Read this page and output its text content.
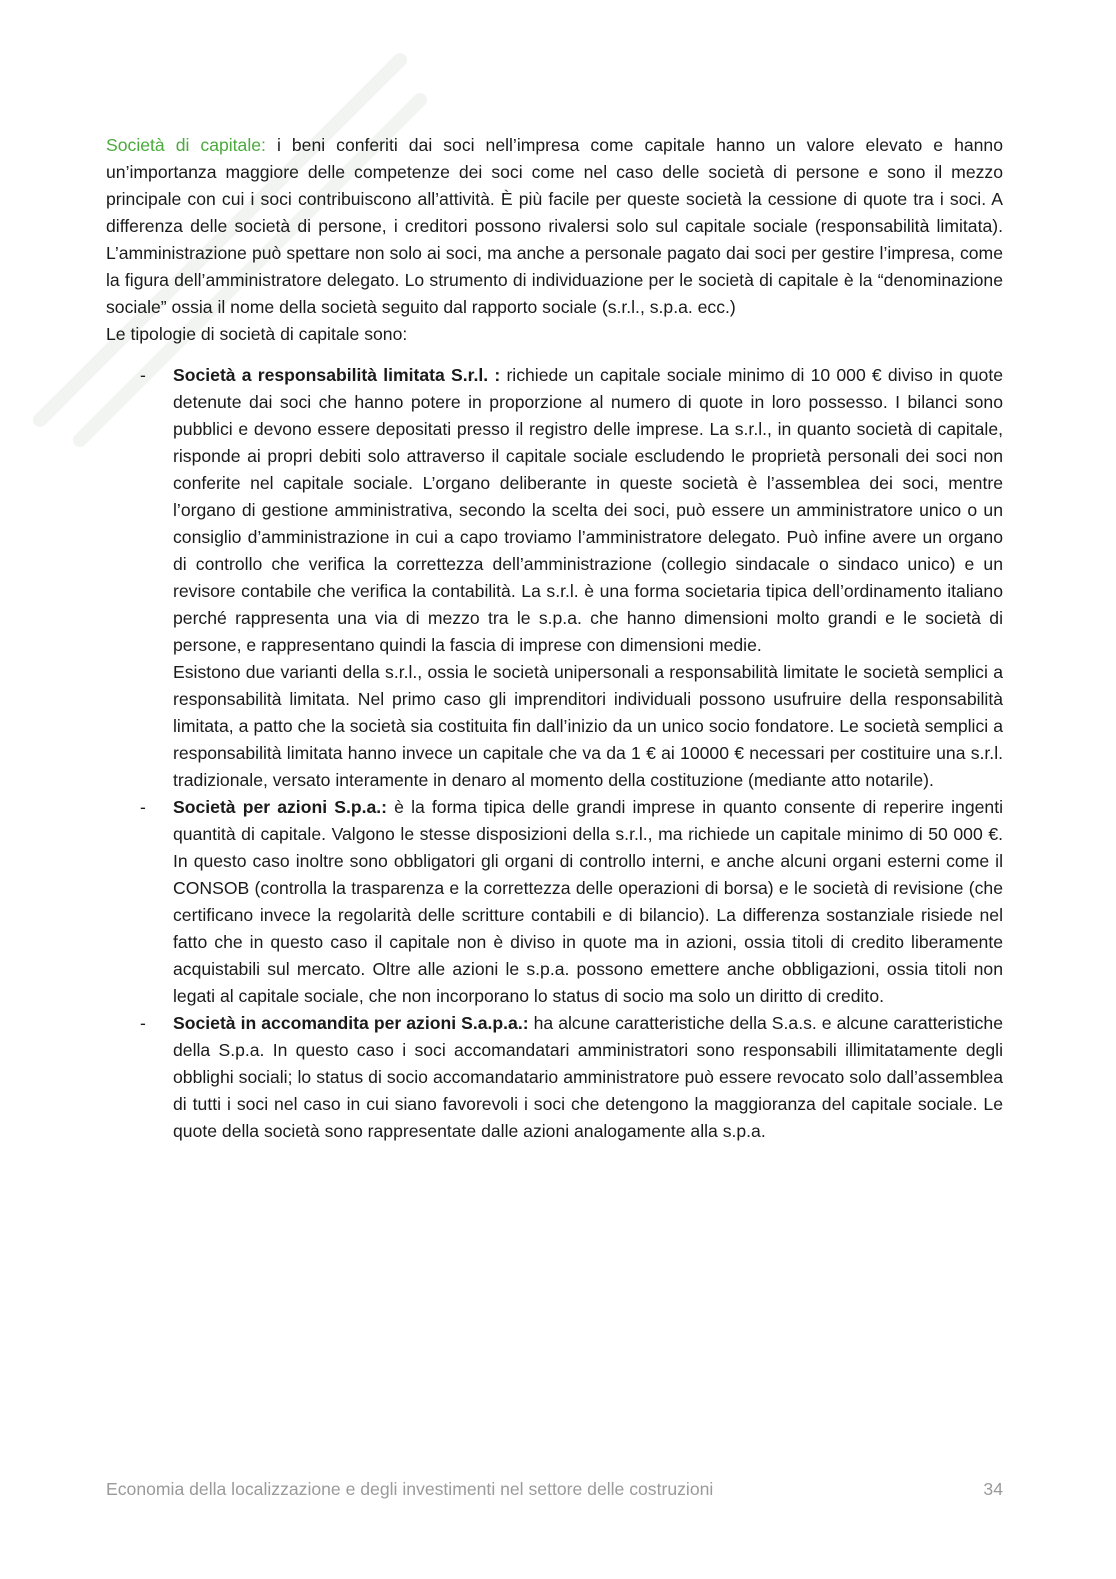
Società di capitale: i beni conferiti dai soci nell’impresa come capitale hanno un valore elevato e hanno un’importanza maggiore delle competenze dei soci come nel caso delle società di persone e sono il mezzo principale con cui i soci contribuiscono all’attività. È più facile per queste società la cessione di quote tra i soci. A differenza delle società di persone, i creditori possono rivalersi solo sul capitale sociale (responsabilità limitata). L’amministrazione può spettare non solo ai soci, ma anche a personale pagato dai soci per gestire l’impresa, come la figura dell’amministratore delegato. Lo strumento di individuazione per le società di capitale è la “denominazione sociale” ossia il nome della società seguito dal rapporto sociale (s.r.l., s.p.a. ecc.)

Le tipologie di società di capitale sono:

- Società a responsabilità limitata S.r.l. : richiede un capitale sociale minimo di 10 000 € diviso in quote detenute dai soci che hanno potere in proporzione al numero di quote in loro possesso. I bilanci sono pubblici e devono essere depositati presso il registro delle imprese. La s.r.l., in quanto società di capitale, risponde ai propri debiti solo attraverso il capitale sociale escludendo le proprietà personali dei soci non conferite nel capitale sociale. L’organo deliberante in queste società è l’assemblea dei soci, mentre l’organo di gestione amministrativa, secondo la scelta dei soci, può essere un amministratore unico o un consiglio d’amministrazione in cui a capo troviamo l’amministratore delegato. Può infine avere un organo di controllo che verifica la correttezza dell’amministrazione (collegio sindacale o sindaco unico) e un revisore contabile che verifica la contabilità. La s.r.l. è una forma societaria tipica dell’ordinamento italiano perché rappresenta una via di mezzo tra le s.p.a. che hanno dimensioni molto grandi e le società di persone, e rappresentano quindi la fascia di imprese con dimensioni medie.

Esistono due varianti della s.r.l., ossia le società unipersonali a responsabilità limitate le società semplici a responsabilità limitata. Nel primo caso gli imprenditori individuali possono usufruire della responsabilità limitata, a patto che la società sia costituita fin dall’inizio da un unico socio fondatore. Le società semplici a responsabilità limitata hanno invece un capitale che va da 1 € ai 10000 € necessari per costituire una s.r.l. tradizionale, versato interamente in denaro al momento della costituzione (mediante atto notarile).

- Società per azioni S.p.a.: è la forma tipica delle grandi imprese in quanto consente di reperire ingenti quantità di capitale. Valgono le stesse disposizioni della s.r.l., ma richiede un capitale minimo di 50 000 €. In questo caso inoltre sono obbligatori gli organi di controllo interni, e anche alcuni organi esterni come il CONSOB (controlla la trasparenza e la correttezza delle operazioni di borsa) e le società di revisione (che certificano invece la regolarità delle scritture contabili e di bilancio). La differenza sostanziale risiede nel fatto che in questo caso il capitale non è diviso in quote ma in azioni, ossia titoli di credito liberamente acquistabili sul mercato. Oltre alle azioni le s.p.a. possono emettere anche obbligazioni, ossia titoli non legati al capitale sociale, che non incorporano lo status di socio ma solo un diritto di credito.

- Società in accomandita per azioni S.a.p.a.: ha alcune caratteristiche della S.a.s. e alcune caratteristiche della S.p.a. In questo caso i soci accomandatari amministratori sono responsabili illimitatamente degli obblighi sociali; lo status di socio accomandatario amministratore può essere revocato solo dall’assemblea di tutti i soci nel caso in cui siano favorevoli i soci che detengono la maggioranza del capitale sociale. Le quote della società sono rappresentate dalle azioni analogamente alla s.p.a.

Economia della localizzazione e degli investimenti nel settore delle costruzioni	34
